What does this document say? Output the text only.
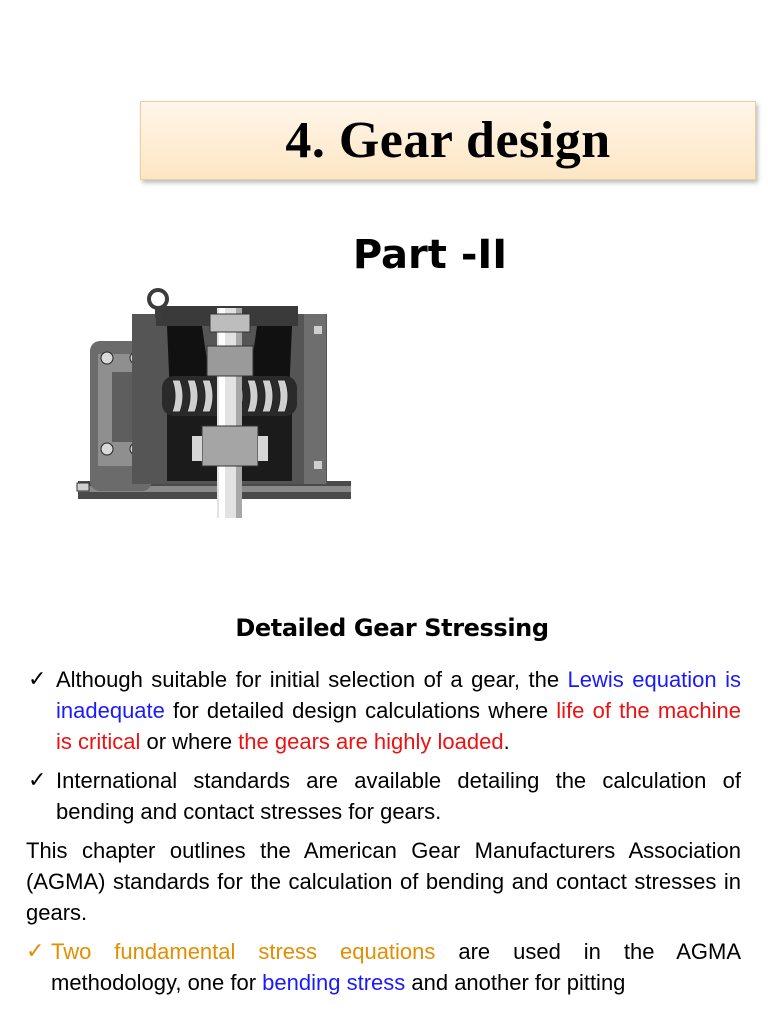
4. Gear design
Part -II
Detailed Gear Stressing
✓ Although suitable for initial selection of a gear, the Lewis equation is inadequate for detailed design calculations where life of the machine is critical or where the gears are highly loaded.
✓ International standards are available detailing the calculation of bending and contact stresses for gears.
This chapter outlines the American Gear Manufacturers Association (AGMA) standards for the calculation of bending and contact stresses in gears.
✓ Two fundamental stress equations are used in the AGMA methodology, one for bending stress and another for pitting
